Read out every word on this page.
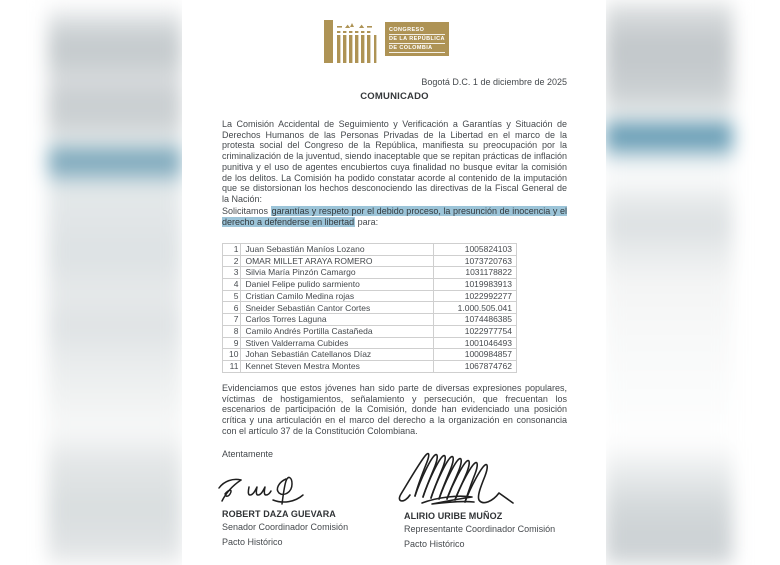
CONGRESO
DE LA REPÚBLICA
DE COLOMBIA
Bogotá D.C. 1 de diciembre de 2025
COMUNICADO
La Comisión Accidental de Seguimiento y Verificación a Garantías y Situación de Derechos Humanos de las Personas Privadas de la Libertad en el marco de la protesta social del Congreso de la República, manifiesta su preocupación por la criminalización de la juventud, siendo inaceptable que se repitan prácticas de inflación punitiva y el uso de agentes encubiertos cuya finalidad no busque evitar la comisión de los delitos. La Comisión ha podido constatar acorde al contenido de la imputación que se distorsionan los hechos desconociendo las directivas de la Fiscal General de la Nación:
Solicitamos garantías y respeto por el debido proceso, la presunción de inocencia y el derecho a defenderse en libertad para:
1	Juan Sebastián Maníos Lozano	1005824103
2	OMAR MILLET ARAYA ROMERO	1073720763
3	Silvia María Pinzón Camargo	1031178822
4	Daniel Felipe pulido sarmiento	1019983913
5	Cristian Camilo Medina rojas	1022992277
6	Sneider Sebastián Cantor Cortes	1.000.505.041
7	Carlos Torres Laguna	1074486385
8	Camilo Andrés Portilla Castañeda	1022977754
9	Stiven Valderrama Cubides	1001046493
10	Johan Sebastián Catellanos Díaz	1000984857
11	Kennet Steven Mestra Montes	1067874762
Evidenciamos que estos jóvenes han sido parte de diversas expresiones populares, víctimas de hostigamientos, señalamiento y persecución, que frecuentan los escenarios de participación de la Comisión, donde han evidenciado una posición crítica y una articulación en el marco del derecho a la organización en consonancia con el artículo 37 de la Constitución Colombiana.
Atentamente
ROBERT DAZA GUEVARA
Senador Coordinador Comisión
Pacto Histórico
ALIRIO URIBE MUÑOZ
Representante Coordinador Comisión
Pacto Histórico
